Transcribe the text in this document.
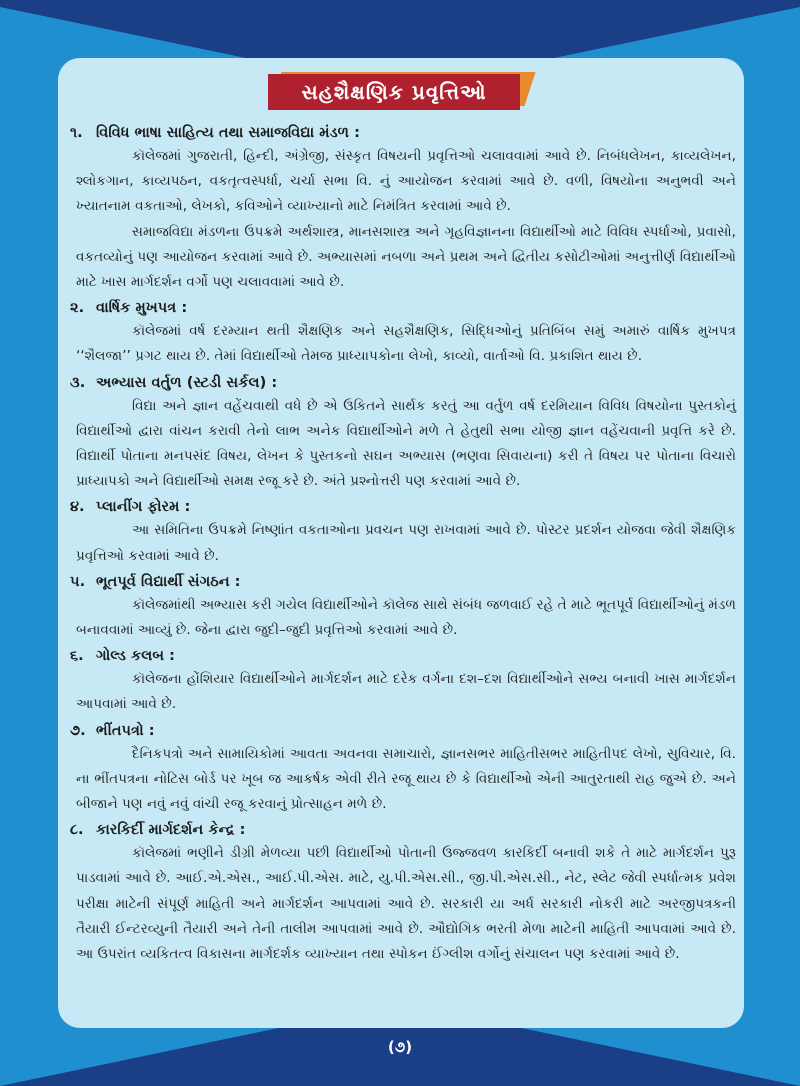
સહશૈક્ષણિક પ્રવૃત્તિઓ
૧. વિવિધ ભાષા સાહિત્ય તથા સમાજવિદ્યા મંડળ :
કૉલેજમાં ગુજરાતી, હિન્દી, અંગ્રેજી, સંસ્કૃત વિષયની પ્રવૃત્તિઓ ચલાવવામાં આવે છે. નિબંધલેખન, કાવ્યલેખન, શ્લોકગાન, કાવ્યપઠન, વકતૃત્વસ્પર્ધા, ચર્ચા સભા વિ. નું આયોજન કરવામાં આવે છે. વળી, વિષયોના અનુભવી અને ખ્યાતનામ વકતાઓ, લેખકો, કવિઓને વ્યાખ્યાનો માટે નિમંત્રિત કરવામાં આવે છે.
સમાજવિદ્યા મંડળના ઉપક્રમે અર્થશાસ્ત્ર, માનસશાસ્ત્ર અને ગૃહવિજ્ઞાનના વિદ્યાર્થીઓ માટે વિવિધ સ્પર્ધાઓ, પ્રવાસો, વકતવ્યોનું પણ આયોજન કરવામાં આવે છે. અભ્યાસમાં નબળા અને પ્રથમ અને દ્વિતીય કસોટીઓમાં અનુત્તીર્ણ વિદ્યાર્થીઓ માટે ખાસ માર્ગદર્શન વર્ગો પણ ચલાવવામાં આવે છે.
૨. વાર્ષિક મુખપત્ર :
કૉલેજમાં વર્ષ દરમ્યાન થતી શૈક્ષણિક અને સહશૈક્ષણિક, સિદ્ધિઓનું પ્રતિબિંબ સમું અમારું વાર્ષિક મુખપત્ર ‘‘શૈલજા’’ પ્રગટ થાય છે. તેમાં વિદ્યાર્થીઓ તેમજ પ્રાધ્યાપકોના લેખો, કાવ્યો, વાર્તાઓ વિ. પ્રકાશિત થાય છે.
૩. અભ્યાસ વર્તુળ (સ્ટડી સર્કલ) :
વિદ્યા અને જ્ઞાન વહેંચવાથી વધે છે એ ઉકિતને સાર્થક કરતું આ વર્તુળ વર્ષ દરમિયાન વિવિધ વિષયોના પુસ્તકોનું વિદ્યાર્થીઓ દ્વારા વાંચન કરાવી તેનો લાભ અનેક વિદ્યાર્થીઓને મળે તે હેતુથી સભા યોજી જ્ઞાન વહેંચવાની પ્રવૃત્તિ કરે છે. વિદ્યાર્થી પોતાના મનપસંદ વિષય, લેખન કે પુસ્તકનો સઘન અભ્યાસ (ભણવા સિવાયના) કરી તે વિષય પર પોતાના વિચારો પ્રાધ્યાપકો અને વિદ્યાર્થીઓ સમક્ષ રજૂ કરે છે. અંતે પ્રશ્નોત્તરી પણ કરવામાં આવે છે.
૪. પ્લાનીંગ ફોરમ :
આ સમિતિના ઉપક્રમે નિષ્ણાંત વકતાઓના પ્રવચન પણ રાખવામાં આવે છે. પોસ્ટર પ્રદર્શન યોજવા જેવી શૈક્ષણિક પ્રવૃત્તિઓ કરવામાં આવે છે.
૫. ભૂતપૂર્વ વિદ્યાર્થી સંગઠન :
કૉલેજમાંથી અભ્યાસ કરી ગયેલ વિદ્યાર્થીઓને કૉલેજ સાથે સંબંધ જળવાઈ રહે તે માટે ભૂતપૂર્વ વિદ્યાર્થીઓનું મંડળ બનાવવામાં આવ્યું છે. જેના દ્વારા જુદી–જુદી પ્રવૃત્તિઓ કરવામાં આવે છે.
૬. ગોલ્ડ કલબ :
કૉલેજના હોંશિયાર વિદ્યાર્થીઓને માર્ગદર્શન માટે દરેક વર્ગના દશ–દશ વિદ્યાર્થીઓને સભ્ય બનાવી ખાસ માર્ગદર્શન આપવામાં આવે છે.
૭. ભીંતપત્રો :
દૈનિકપત્રો અને સામાયિકોમાં આવતા અવનવા સમાચારો, જ્ઞાનસભર માહિતીસભર માહિતીપદ લેખો, સુવિચાર, વિ. ના ભીંતપત્રના નોટિસ બોર્ડ પર ખૂબ જ આકર્ષક એવી રીતે રજૂ થાય છે કે વિદ્યાર્થીઓ એની આતુરતાથી રાહ જુએ છે. અને બીજાને પણ નવું નવું વાંચી રજૂ કરવાનું પ્રોત્સાહન મળે છે.
૮. કારકિર્દી માર્ગદર્શન કેન્દ્ર :
કૉલેજમાં ભણીને ડીગ્રી મેળવ્યા પછી વિદ્યાર્થીઓ પોતાની ઉજ્જવળ કારકિર્દી બનાવી શકે તે માટે માર્ગદર્શન પુરૂ પાડવામાં આવે છે. આઈ.એ.એસ., આઈ.પી.એસ. માટે, યુ.પી.એસ.સી., જી.પી.એસ.સી., નેટ, સ્લેટ જેવી સ્પર્ધાત્મક પ્રવેશ પરીક્ષા માટેની સંપૂર્ણ માહિતી અને માર્ગદર્શન આપવામાં આવે છે. સરકારી યા અર્ધ સરકારી નોકરી માટે અરજીપત્રકની તૈયારી ઈન્ટરવ્યુની તૈયારી અને તેની તાલીમ આપવામાં આવે છે. ઔદ્યોગિક ભરતી મેળા માટેની માહિતી આપવામાં આવે છે. આ ઉપરાંત વ્યકિતત્વ વિકાસના માર્ગદર્શક વ્યાખ્યાન તથા સ્પોકન ઈંગ્લીશ વર્ગોનું સંચાલન પણ કરવામાં આવે છે.
(૭)
